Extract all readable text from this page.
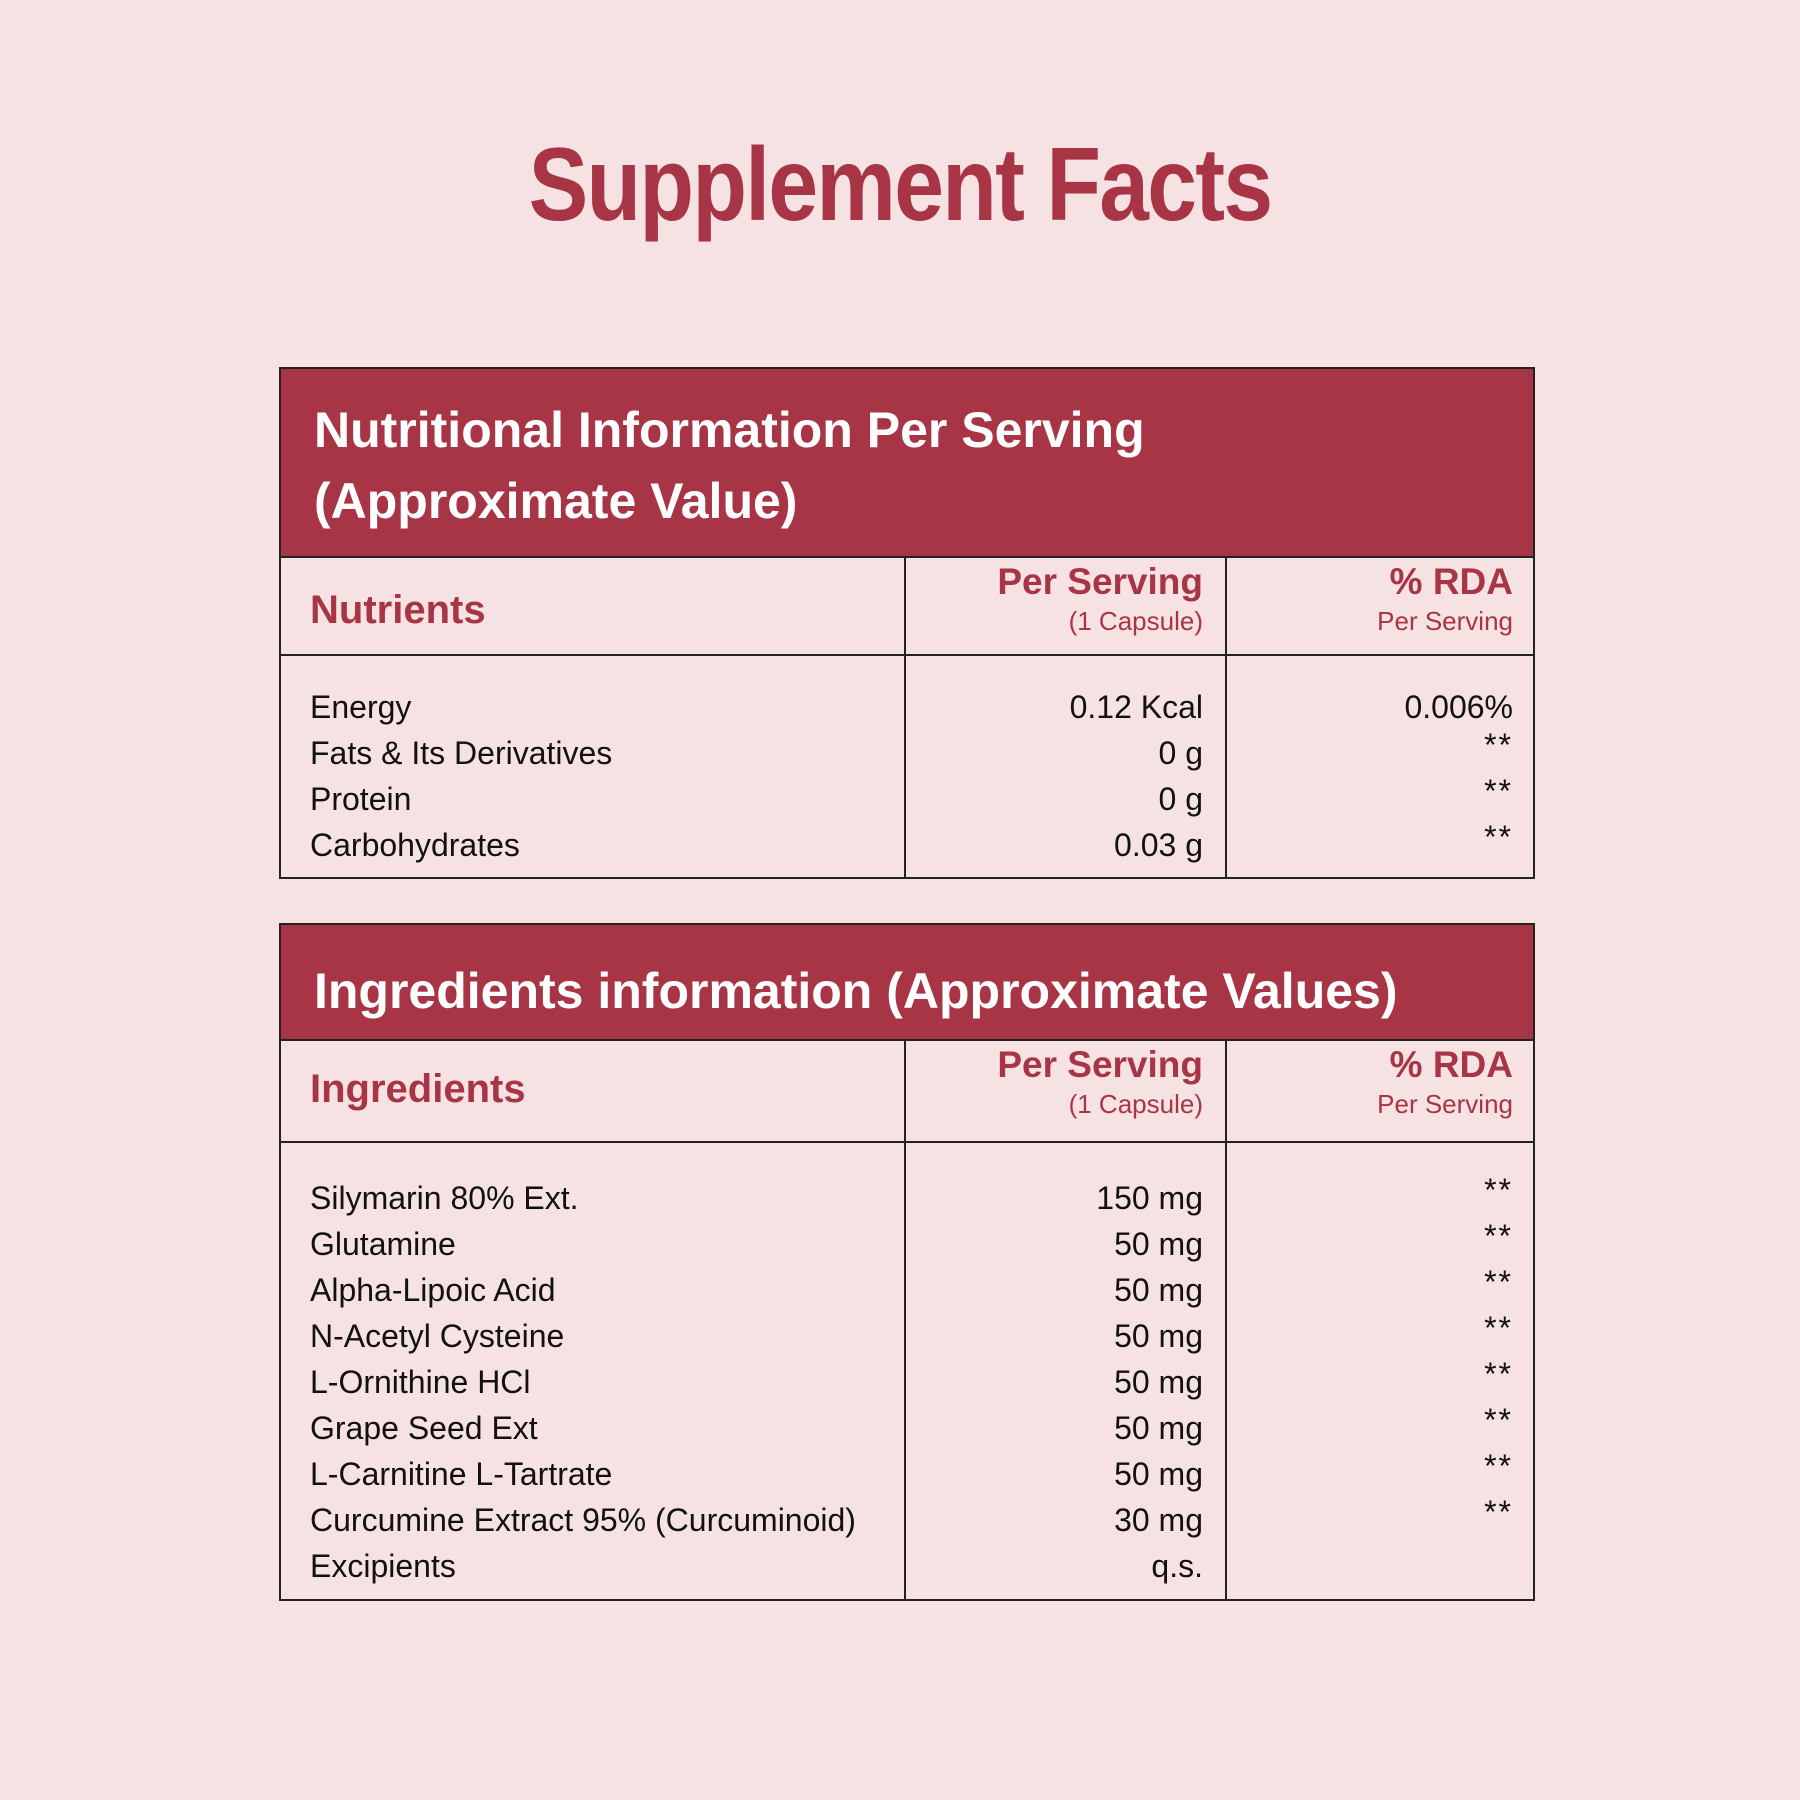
Supplement Facts
Nutritional Information Per Serving
(Approximate Value)
Nutrients
Per Serving
(1 Capsule)
% RDA
Per Serving
Energy	0.12 Kcal	0.006%
Fats & Its Derivatives	0 g	**
Protein	0 g	**
Carbohydrates	0.03 g	**
Ingredients information (Approximate Values)
Ingredients
Per Serving
(1 Capsule)
% RDA
Per Serving
Silymarin 80% Ext.	150 mg	**
Glutamine	50 mg	**
Alpha-Lipoic Acid	50 mg	**
N-Acetyl Cysteine	50 mg	**
L-Ornithine HCl	50 mg	**
Grape Seed Ext	50 mg	**
L-Carnitine L-Tartrate	50 mg	**
Curcumine Extract 95% (Curcuminoid)	30 mg	**
Excipients	q.s.
